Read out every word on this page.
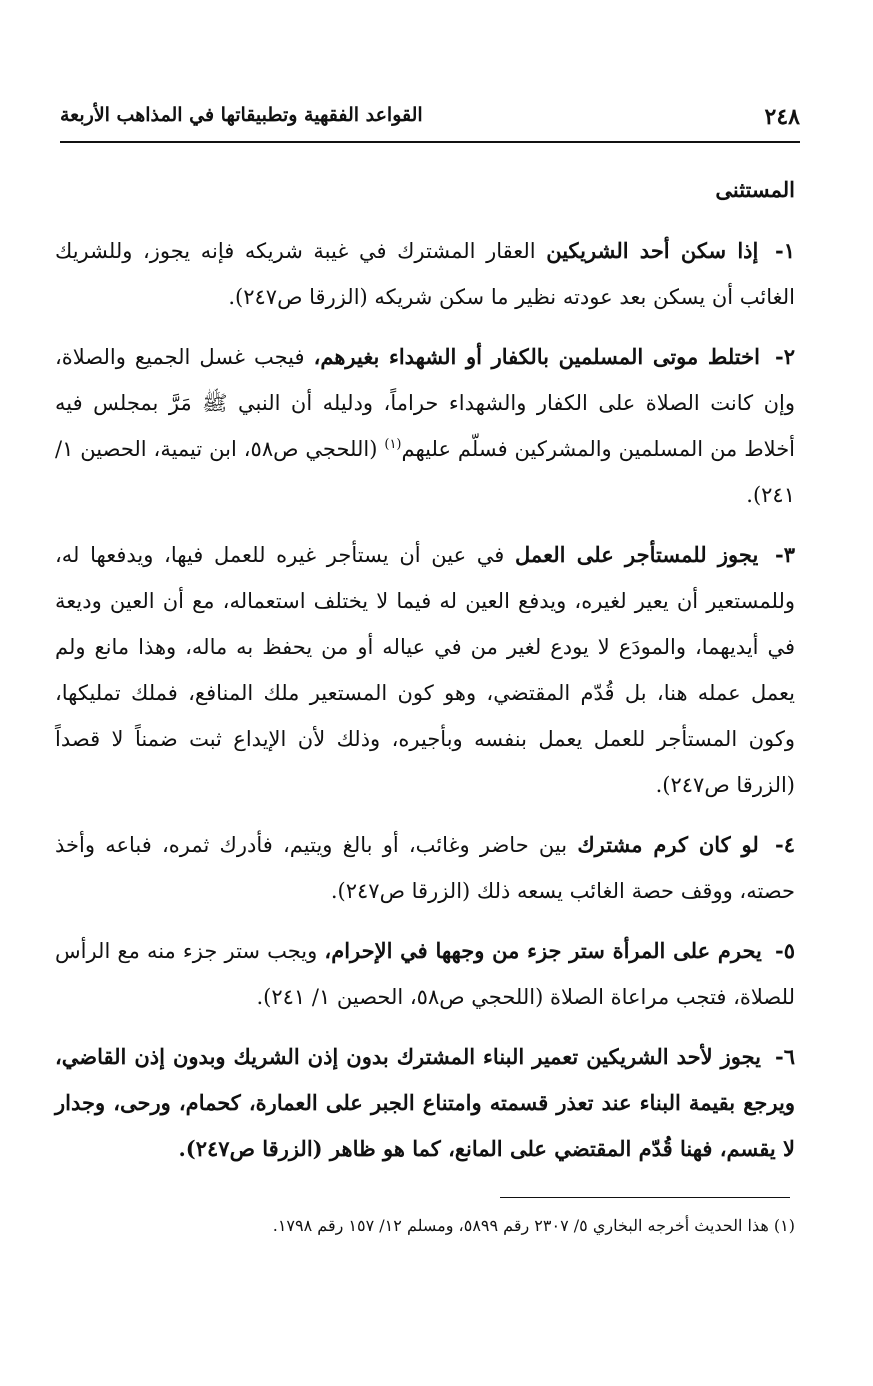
٢٤٨
القواعد الفقهية وتطبيقاتها في المذاهب الأربعة
المستثنى

١- إذا سكن أحد الشريكين العقار المشترك في غيبة شريكه فإنه يجوز، وللشريك الغائب أن يسكن بعد عودته نظير ما سكن شريكه (الزرقا ص٢٤٧).

٢- اختلط موتى المسلمين بالكفار أو الشهداء بغيرهم، فيجب غسل الجميع والصلاة، وإن كانت الصلاة على الكفار والشهداء حراماً، ودليله أن النبي ﷺ مَرَّ بمجلس فيه أخلاط من المسلمين والمشركين فسلّم عليهم$^{(١)}$ (اللحجي ص٥٨، ابن تيمية، الحصين ١/ ٢٤١).

٣- يجوز للمستأجر على العمل في عين أن يستأجر غيره للعمل فيها، ويدفعها له، وللمستعير أن يعير لغيره، ويدفع العين له فيما لا يختلف استعماله، مع أن العين وديعة في أيديهما، والمودَع لا يودع لغير من في عياله أو من يحفظ به ماله، وهذا مانع ولم يعمل عمله هنا، بل قُدّم المقتضي، وهو كون المستعير ملك المنافع، فملك تمليكها، وكون المستأجر للعمل يعمل بنفسه وبأجيره، وذلك لأن الإيداع ثبت ضمناً لا قصداً (الزرقا ص٢٤٧).

٤- لو كان كرم مشترك بين حاضر وغائب، أو بالغ ويتيم، فأدرك ثمره، فباعه وأخذ حصته، ووقف حصة الغائب يسعه ذلك (الزرقا ص٢٤٧).

٥- يحرم على المرأة ستر جزء من وجهها في الإحرام، ويجب ستر جزء منه مع الرأس للصلاة، فتجب مراعاة الصلاة (اللحجي ص٥٨، الحصين ١/ ٢٤١).

٦- يجوز لأحد الشريكين تعمير البناء المشترك بدون إذن الشريك وبدون إذن القاضي، ويرجع بقيمة البناء عند تعذر قسمته وامتناع الجبر على العمارة، كحمام، ورحى، وجدار لا يقسم، فهنا قُدّم المقتضي على المانع، كما هو ظاهر (الزرقا ص٢٤٧).

(١) هذا الحديث أخرجه البخاري ٥/ ٢٣٠٧ رقم ٥٨٩٩، ومسلم ١٢/ ١٥٧ رقم ١٧٩٨.
